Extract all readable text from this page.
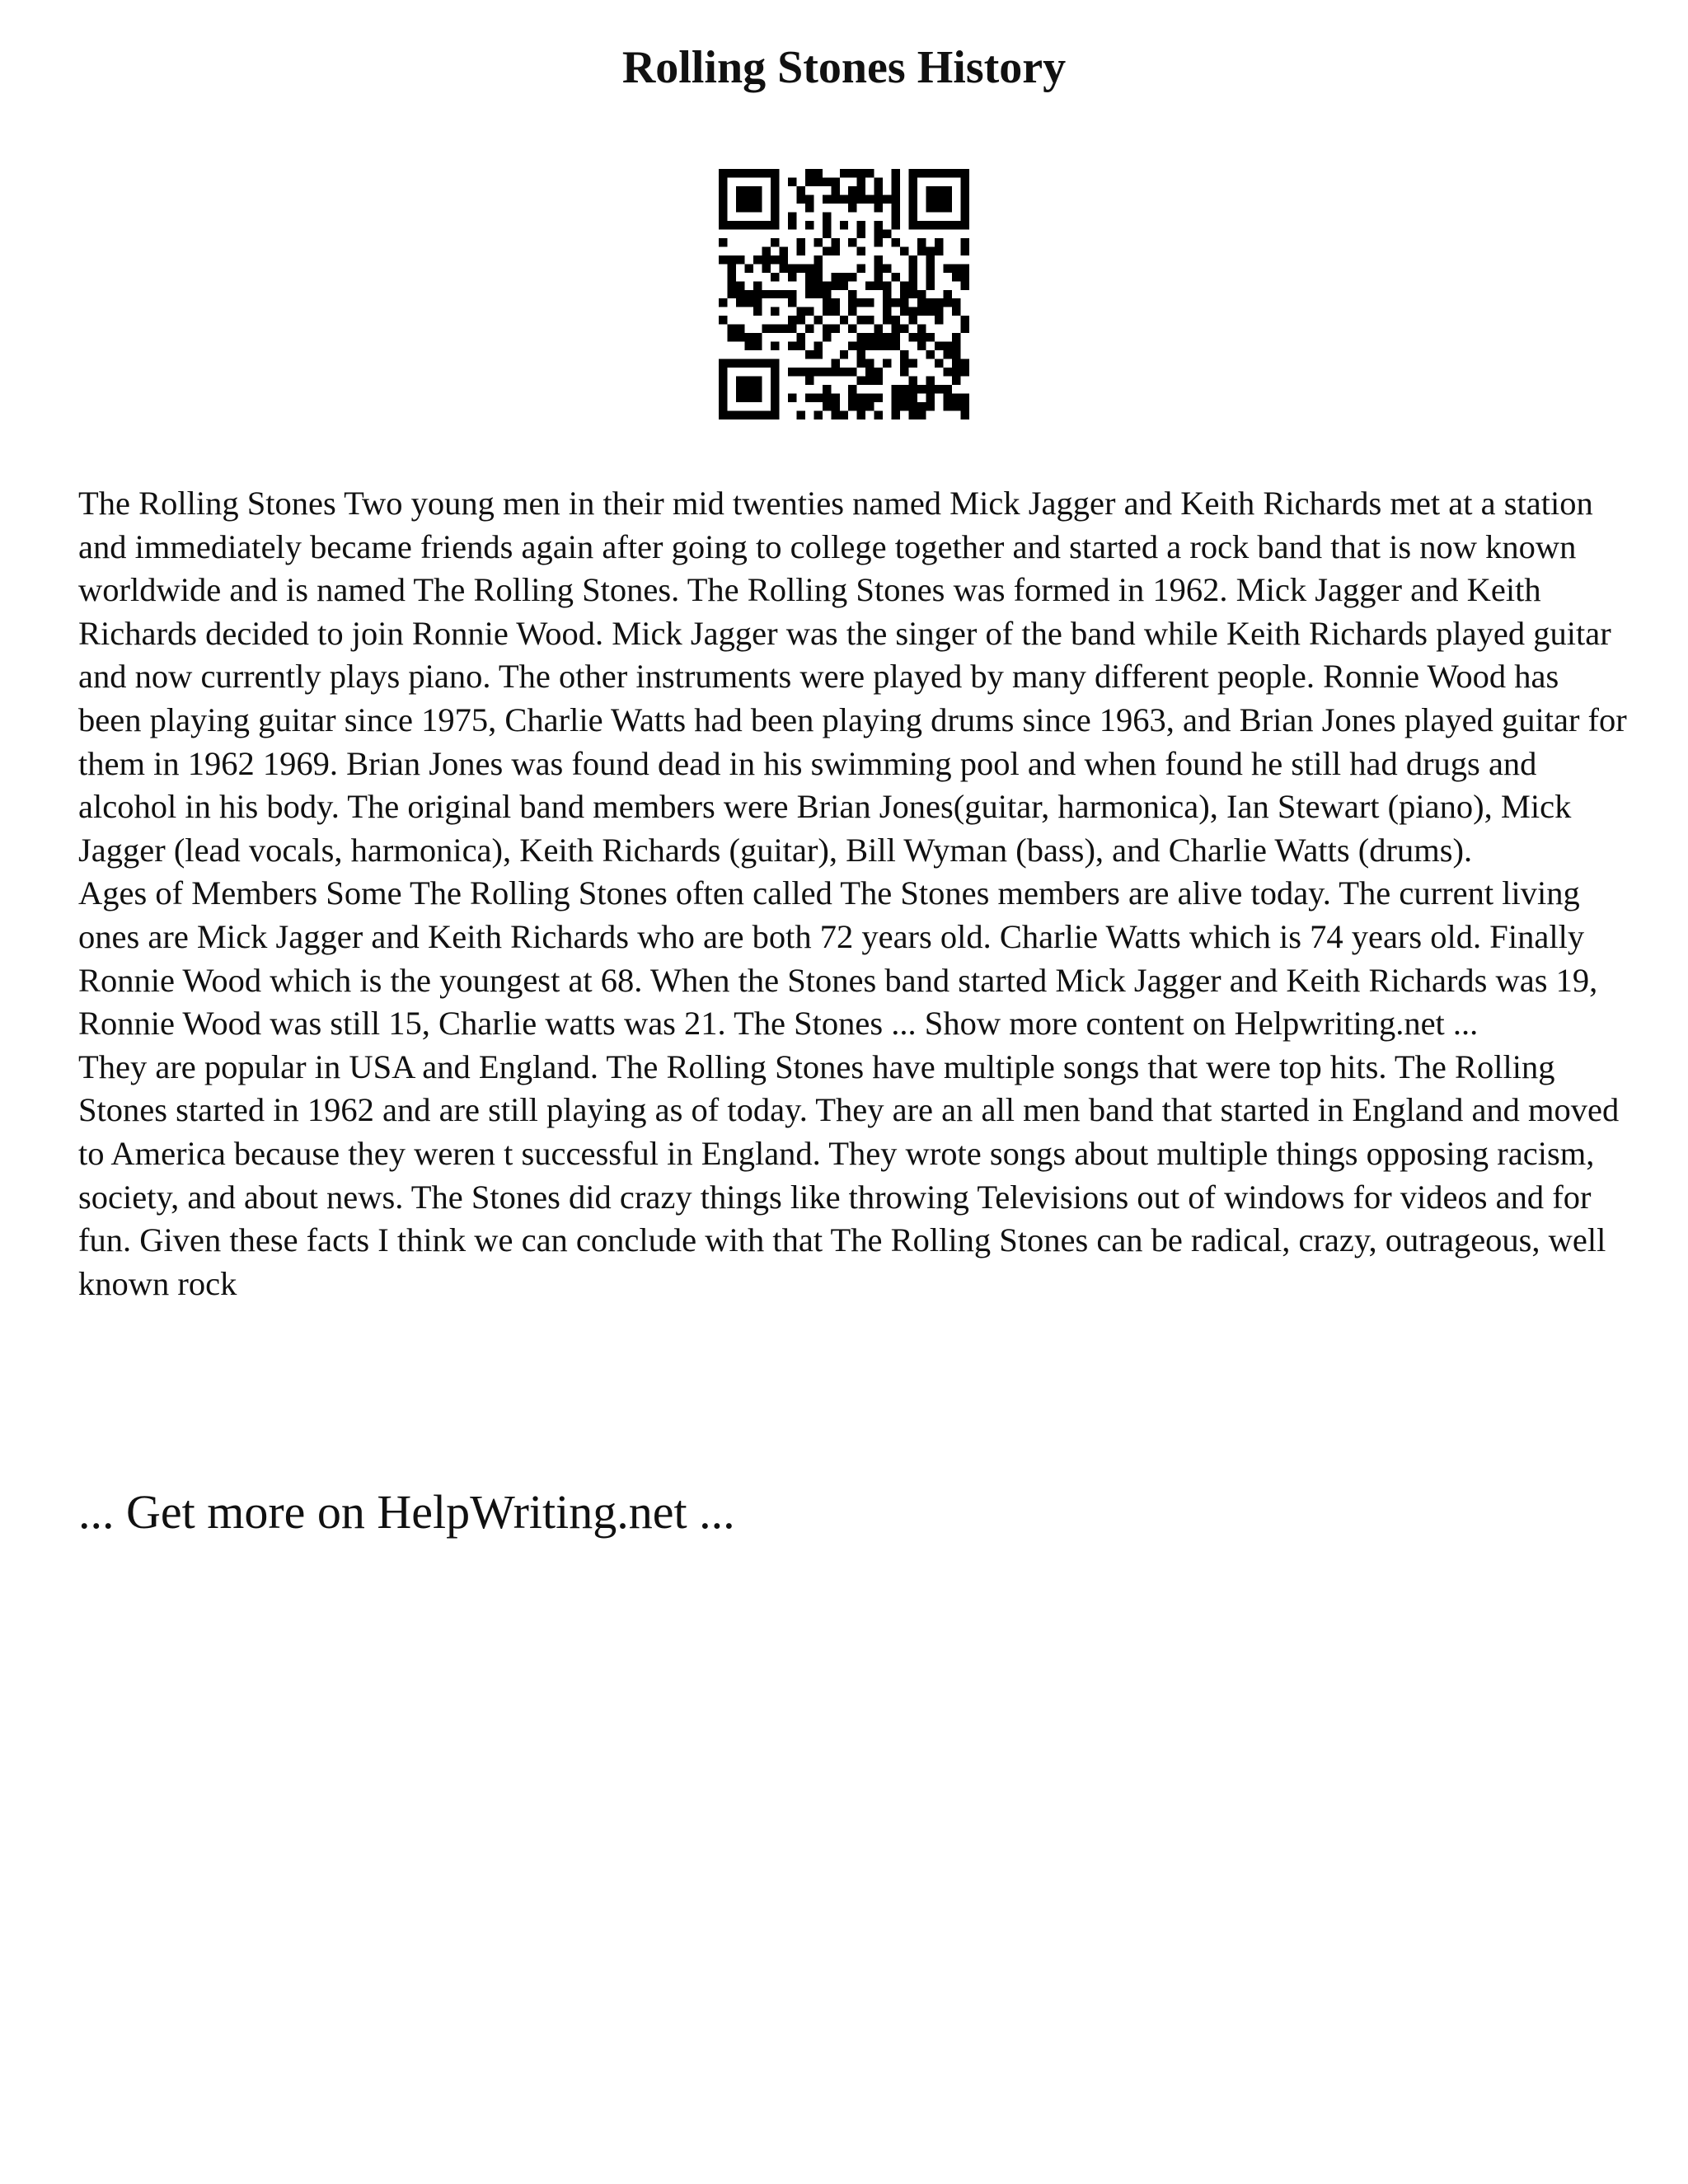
Rolling Stones History

The Rolling Stones Two young men in their mid twenties named Mick Jagger and Keith Richards met at a station and immediately became friends again after going to college together and started a rock band that is now known worldwide and is named The Rolling Stones. The Rolling Stones was formed in 1962. Mick Jagger and Keith Richards decided to join Ronnie Wood. Mick Jagger was the singer of the band while Keith Richards played guitar and now currently plays piano. The other instruments were played by many different people. Ronnie Wood has been playing guitar since 1975, Charlie Watts had been playing drums since 1963, and Brian Jones played guitar for them in 1962 1969. Brian Jones was found dead in his swimming pool and when found he still had drugs and alcohol in his body. The original band members were Brian Jones(guitar, harmonica), Ian Stewart (piano), Mick Jagger (lead vocals, harmonica), Keith Richards (guitar), Bill Wyman (bass), and Charlie Watts (drums).

Ages of Members Some The Rolling Stones often called The Stones members are alive today. The current living ones are Mick Jagger and Keith Richards who are both 72 years old. Charlie Watts which is 74 years old. Finally Ronnie Wood which is the youngest at 68. When the Stones band started Mick Jagger and Keith Richards was 19, Ronnie Wood was still 15, Charlie watts was 21. The Stones ... Show more content on Helpwriting.net ...

They are popular in USA and England. The Rolling Stones have multiple songs that were top hits. The Rolling Stones started in 1962 and are still playing as of today. They are an all men band that started in England and moved to America because they weren t successful in England. They wrote songs about multiple things opposing racism, society, and about news. The Stones did crazy things like throwing Televisions out of windows for videos and for fun. Given these facts I think we can conclude with that The Rolling Stones can be radical, crazy, outrageous, well known rock

... Get more on HelpWriting.net ...
